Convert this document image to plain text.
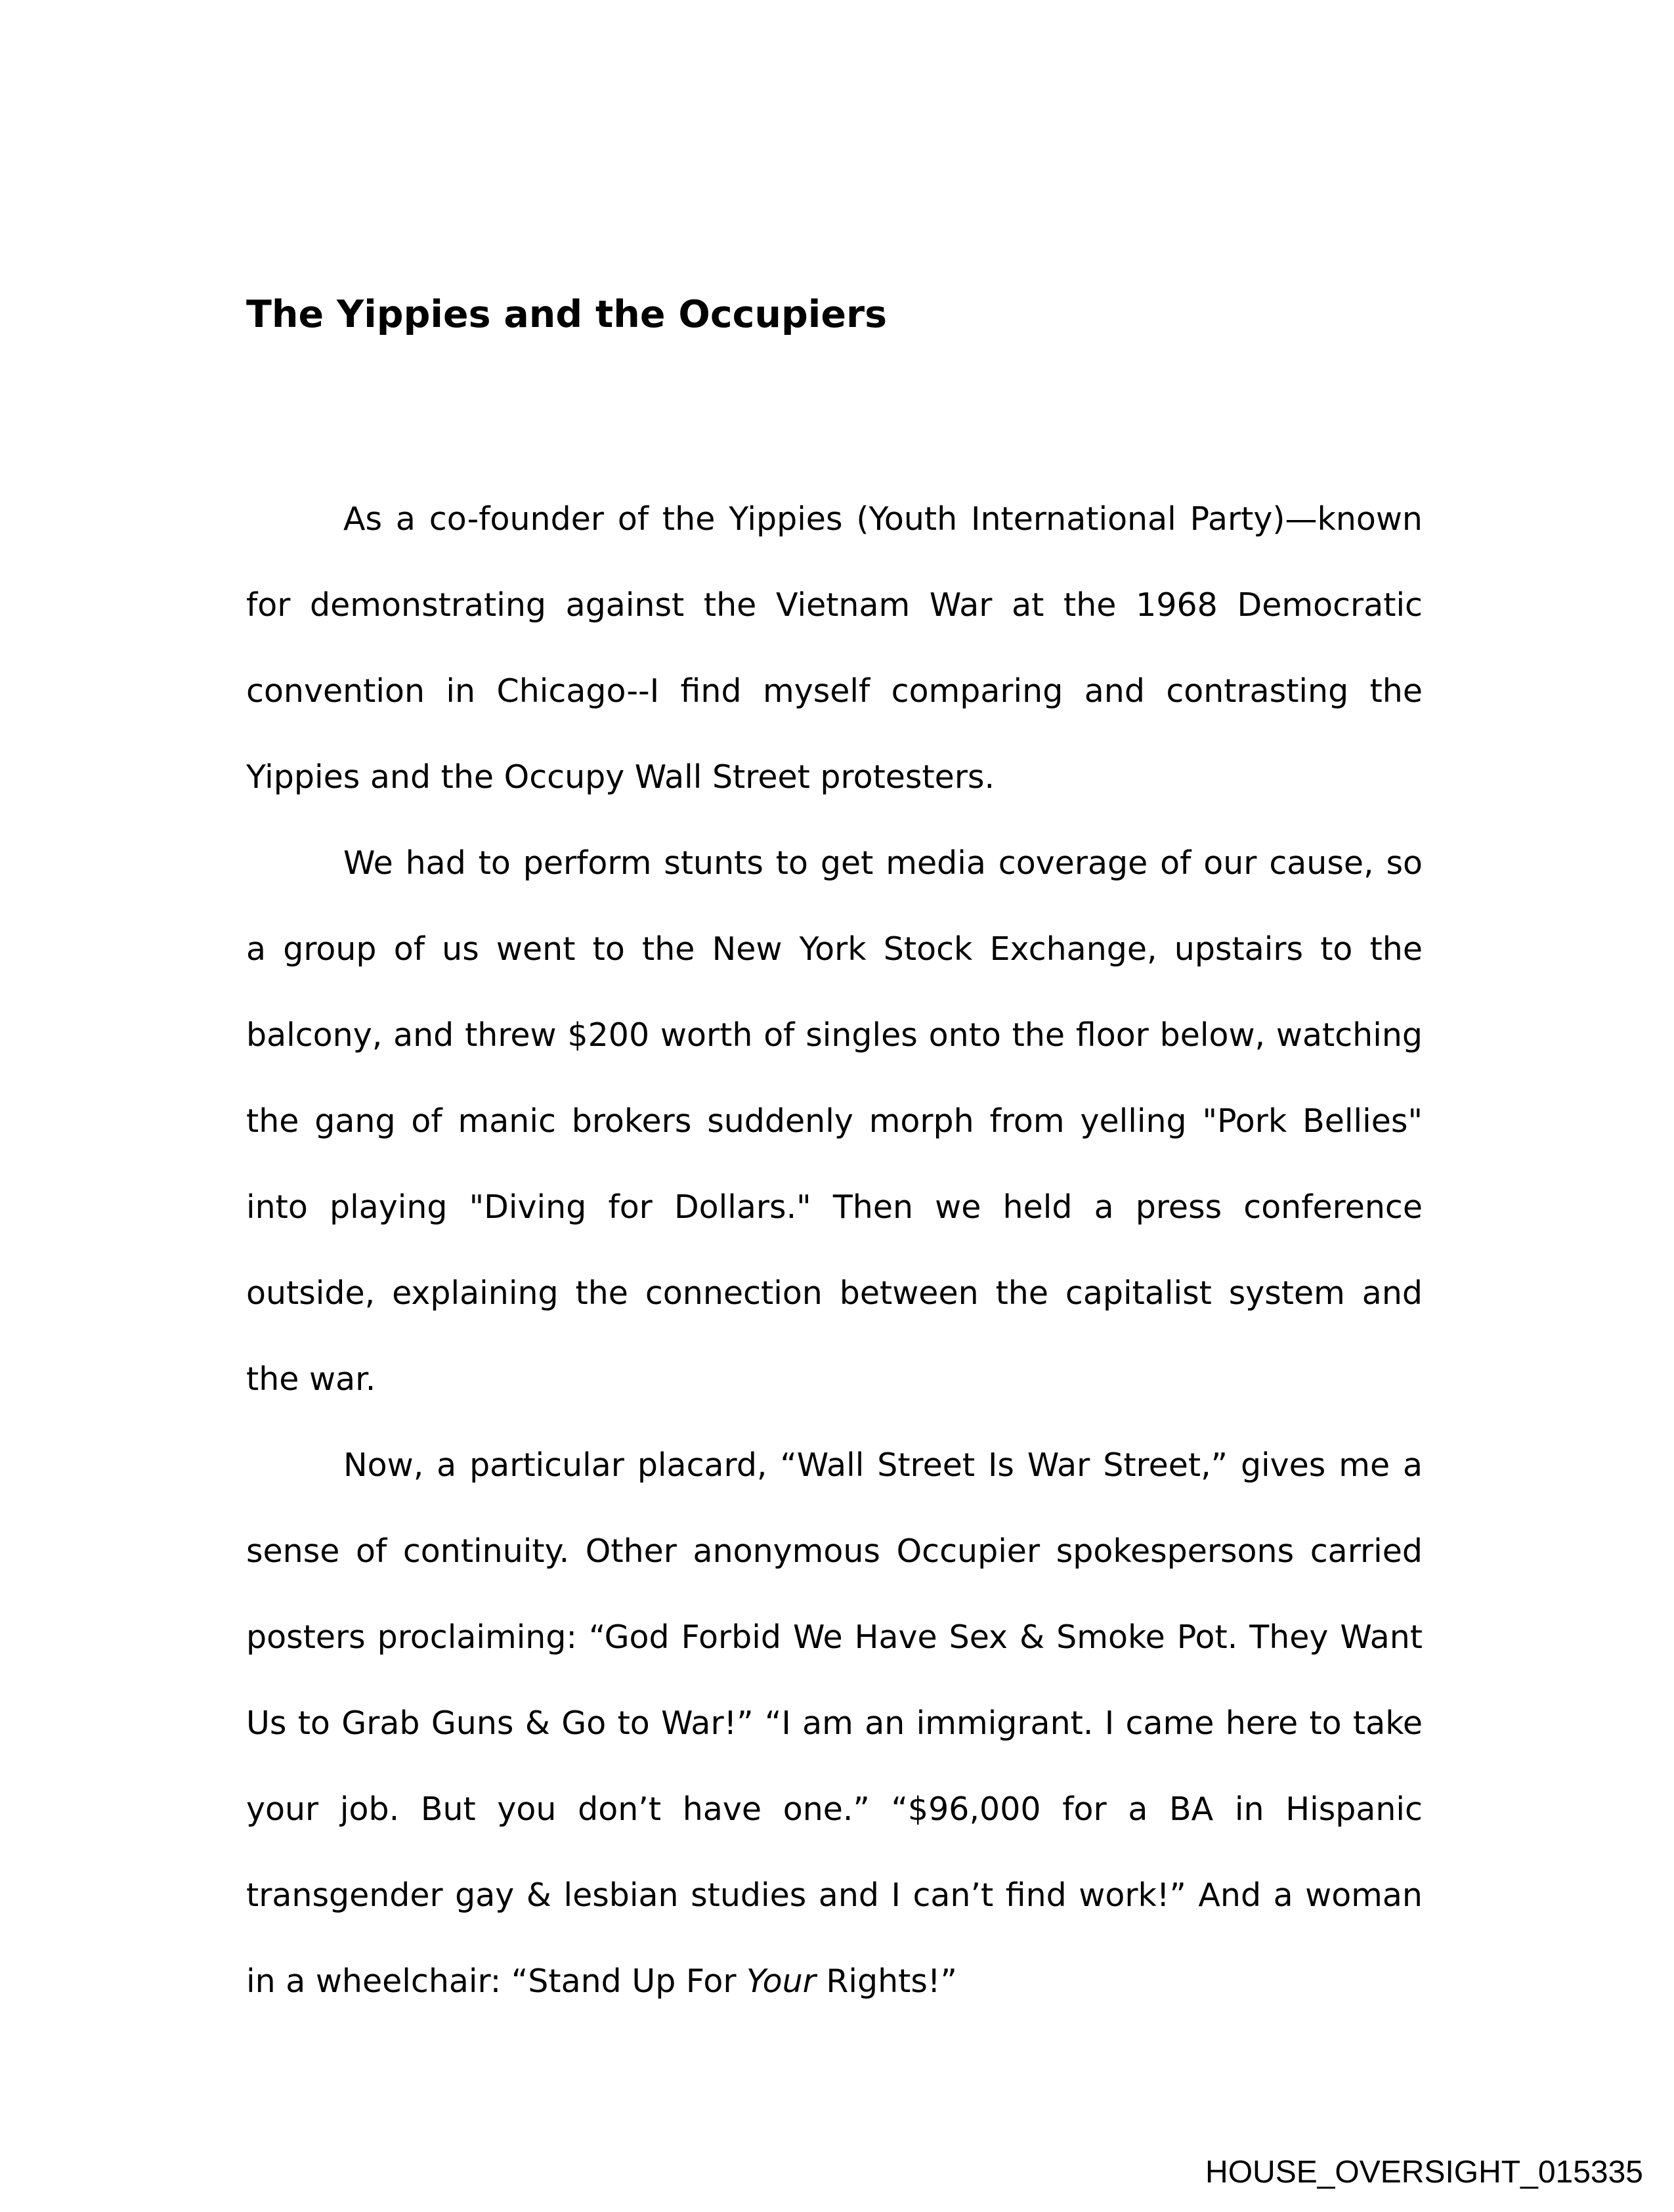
The Yippies and the Occupiers

As a co-founder of the Yippies (Youth International Party)—known for demonstrating against the Vietnam War at the 1968 Democratic convention in Chicago--I find myself comparing and contrasting the Yippies and the Occupy Wall Street protesters.

We had to perform stunts to get media coverage of our cause, so a group of us went to the New York Stock Exchange, upstairs to the balcony, and threw $200 worth of singles onto the floor below, watching the gang of manic brokers suddenly morph from yelling "Pork Bellies" into playing "Diving for Dollars." Then we held a press conference outside, explaining the connection between the capitalist system and the war.

Now, a particular placard, “Wall Street Is War Street,” gives me a sense of continuity. Other anonymous Occupier spokespersons carried posters proclaiming: “God Forbid We Have Sex & Smoke Pot. They Want Us to Grab Guns & Go to War!” “I am an immigrant. I came here to take your job. But you don’t have one.” “$96,000 for a BA in Hispanic transgender gay & lesbian studies and I can’t find work!” And a woman in a wheelchair: “Stand Up For Your Rights!”

HOUSE_OVERSIGHT_015335
